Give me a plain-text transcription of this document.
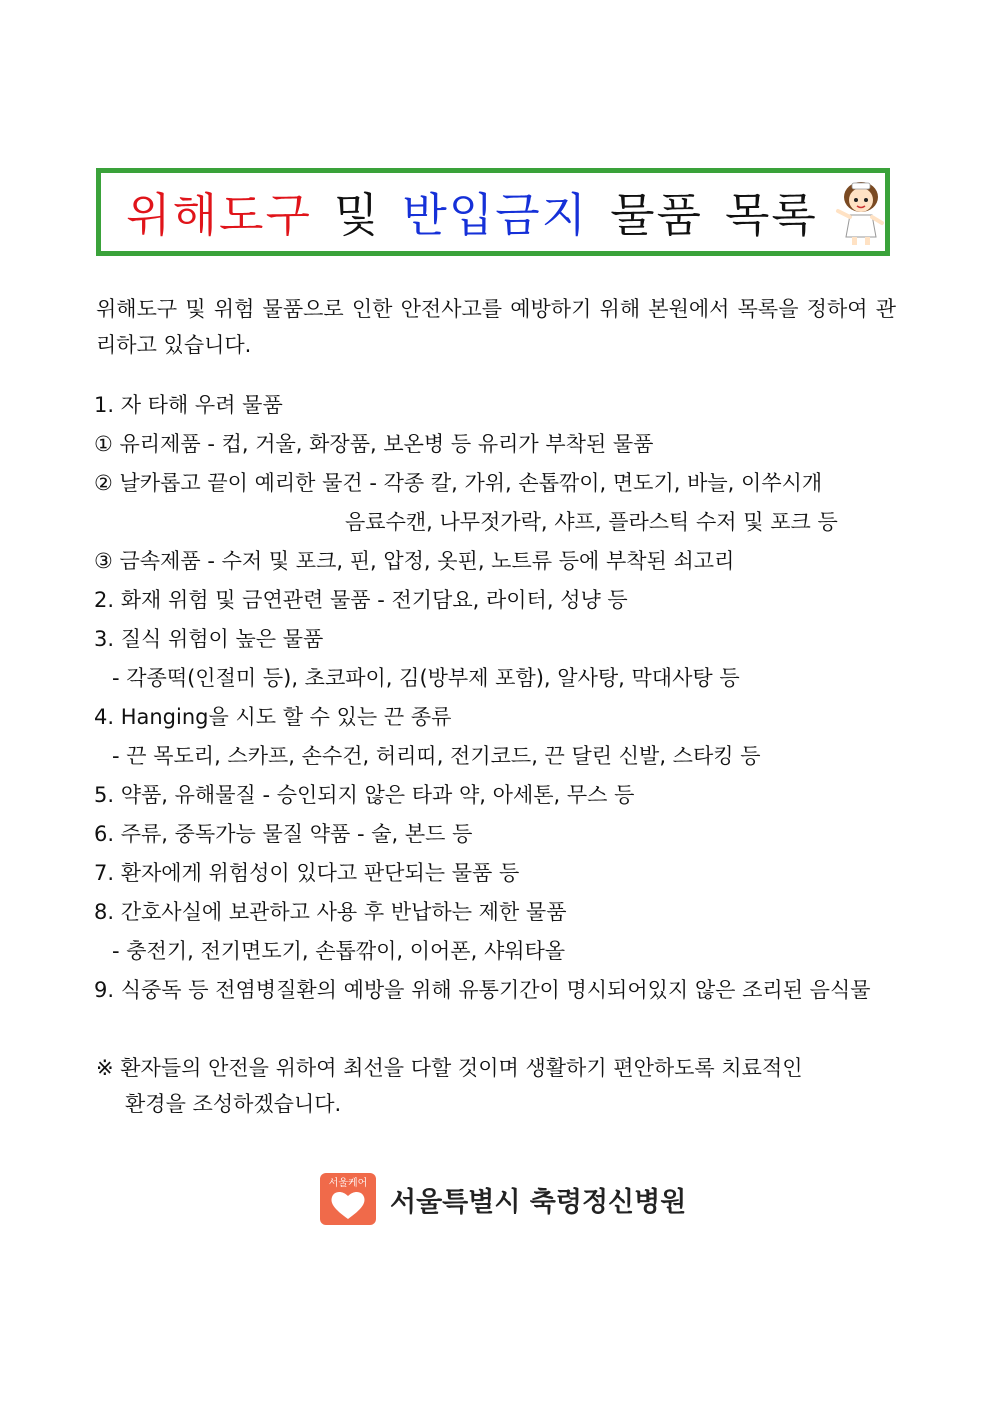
위해도구 및 반입금지 물품 목록
위해도구 및 위험 물품으로 인한 안전사고를 예방하기 위해 본원에서 목록을 정하여 관리하고 있습니다.
1. 자 타해 우려 물품
① 유리제품 - 컵, 거울, 화장품, 보온병 등 유리가 부착된 물품
② 날카롭고 끝이 예리한 물건 - 각종 칼, 가위, 손톱깎이, 면도기, 바늘, 이쑤시개
음료수캔, 나무젓가락, 샤프, 플라스틱 수저 및 포크 등
③ 금속제품 - 수저 및 포크, 핀, 압정, 옷핀, 노트류 등에 부착된 쇠고리
2. 화재 위험 및 금연관련 물품 - 전기담요, 라이터, 성냥 등
3. 질식 위험이 높은 물품
- 각종떡(인절미 등), 초코파이, 김(방부제 포함), 알사탕, 막대사탕 등
4. Hanging을 시도 할 수 있는 끈 종류
- 끈 목도리, 스카프, 손수건, 허리띠, 전기코드, 끈 달린 신발, 스타킹 등
5. 약품, 유해물질 - 승인되지 않은 타과 약, 아세톤, 무스 등
6. 주류, 중독가능 물질 약품 - 술, 본드 등
7. 환자에게 위험성이 있다고 판단되는 물품 등
8. 간호사실에 보관하고 사용 후 반납하는 제한 물품
- 충전기, 전기면도기, 손톱깎이, 이어폰, 샤워타올
9. 식중독 등 전염병질환의 예방을 위해 유통기간이 명시되어있지 않은 조리된 음식물
※ 환자들의 안전을 위하여 최선을 다할 것이며 생활하기 편안하도록 치료적인
환경을 조성하겠습니다.
서울케어
서울특별시 축령정신병원
